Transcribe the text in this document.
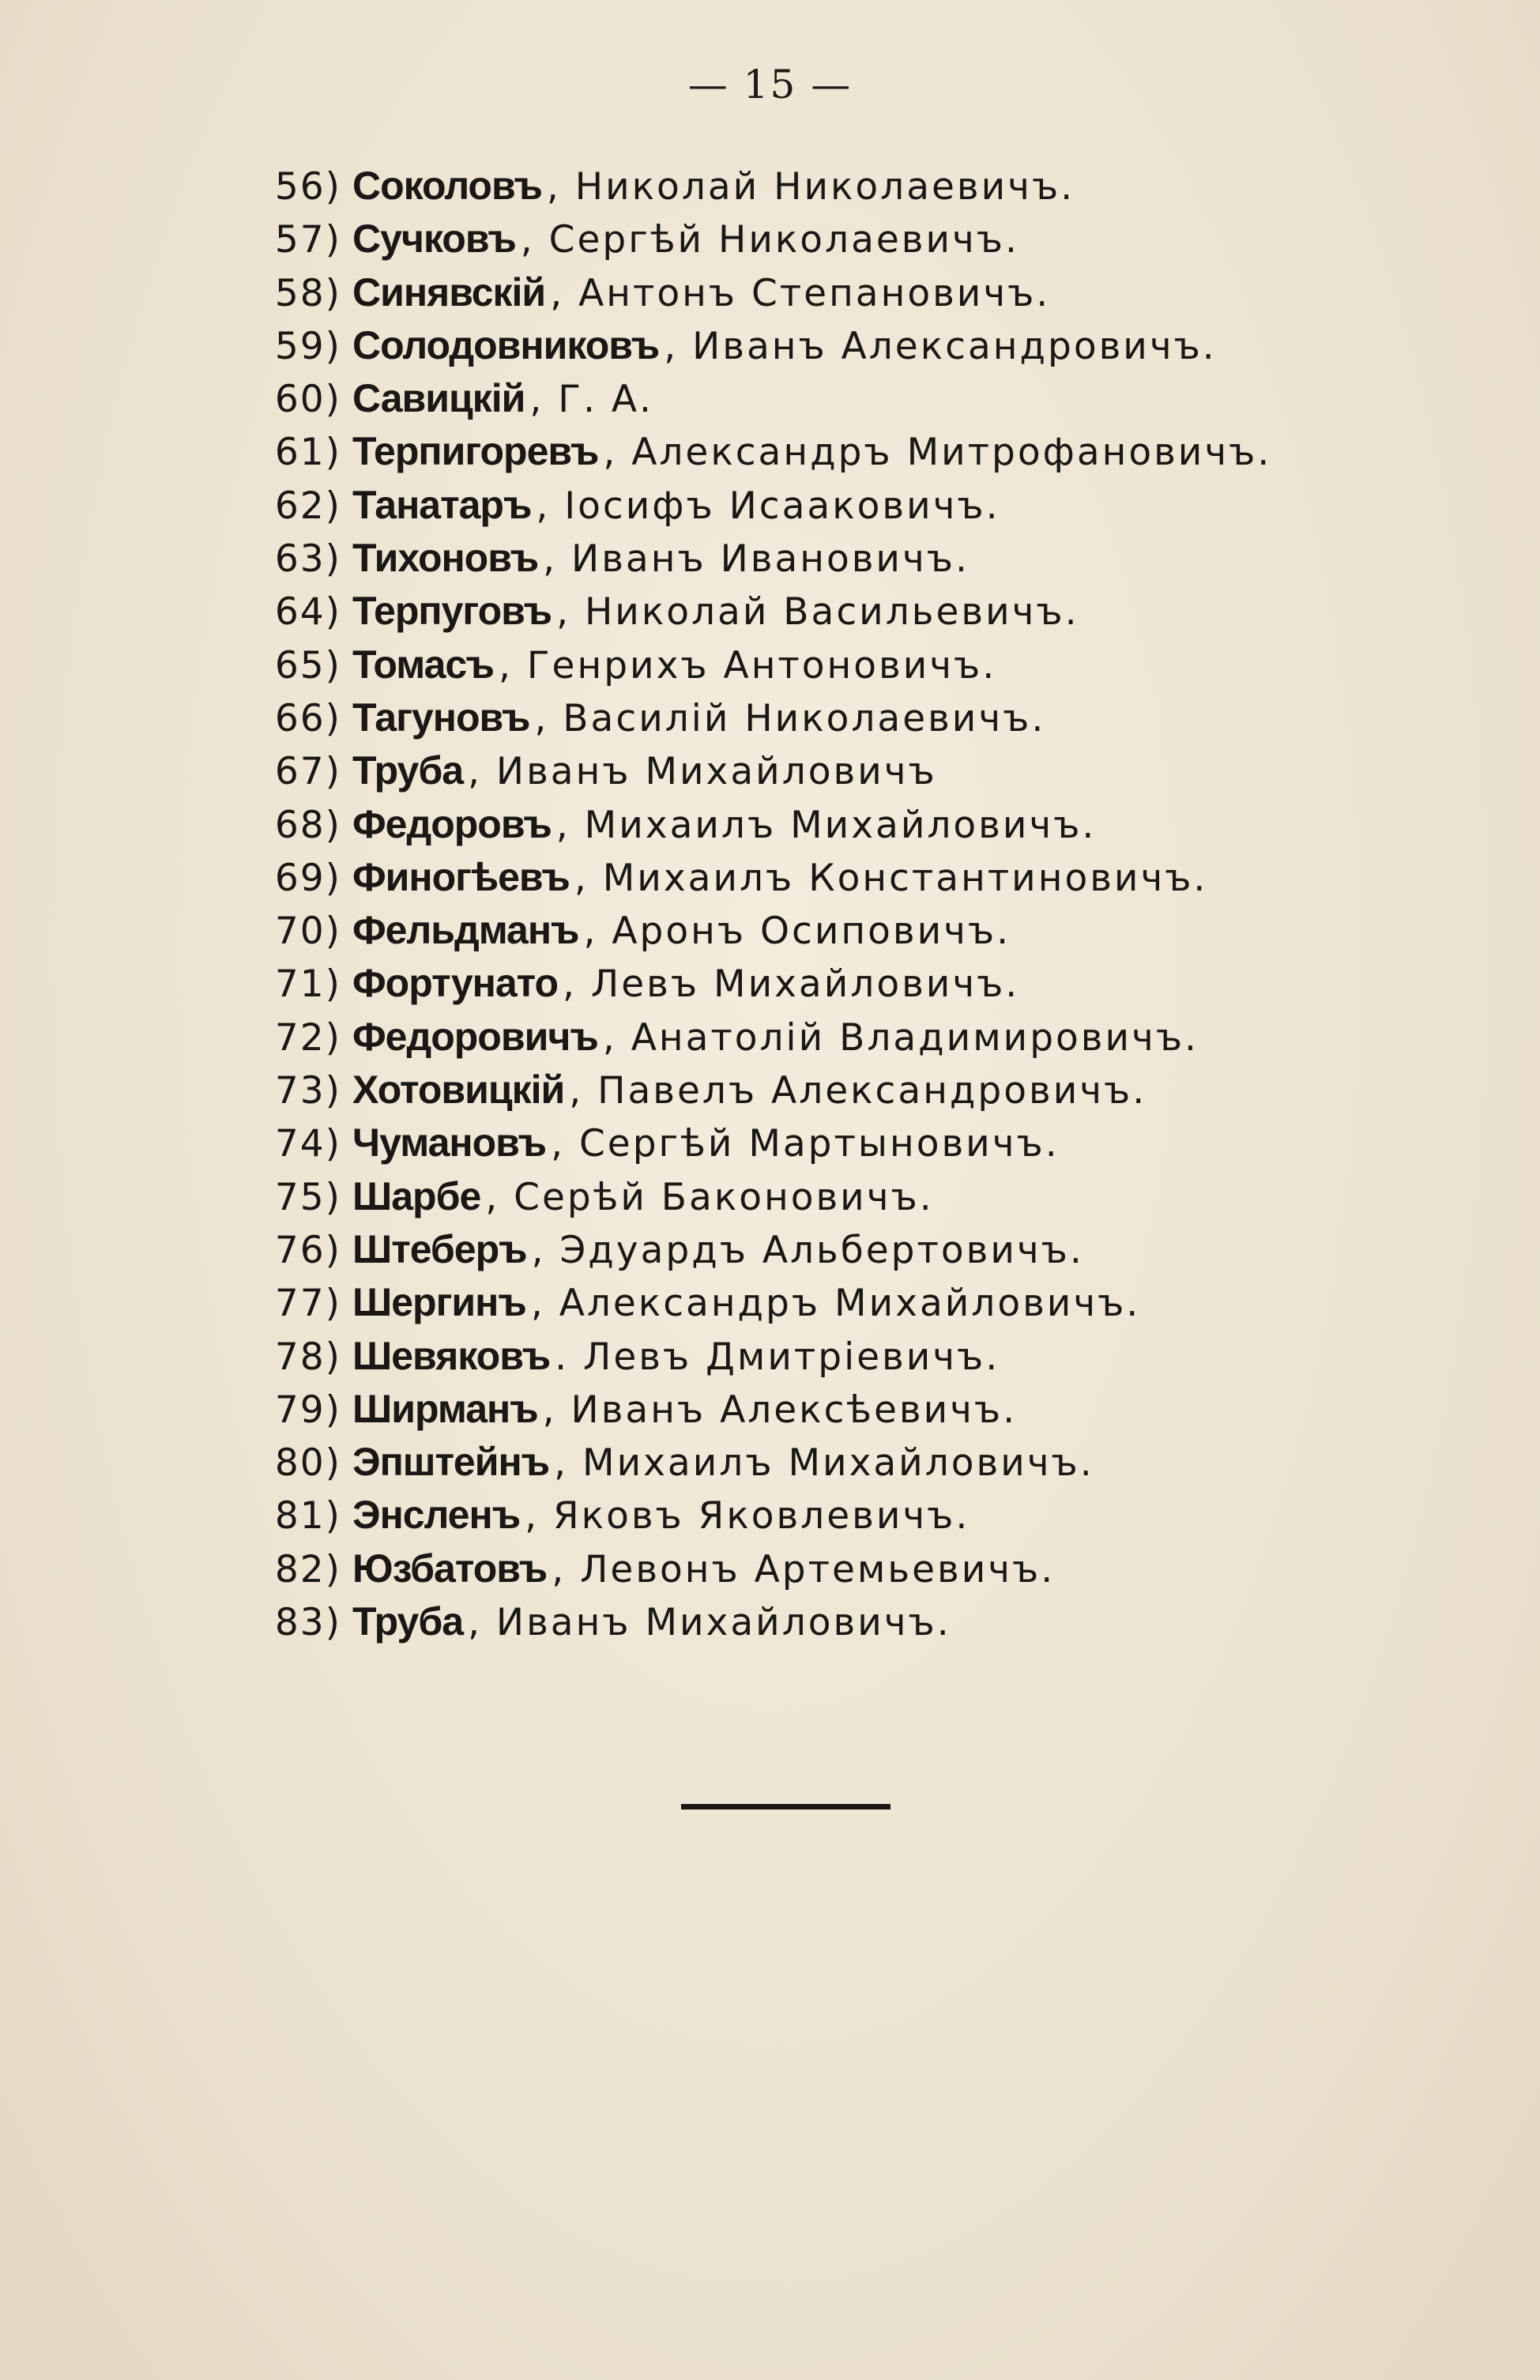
— 15 —
56) Соколовъ , Николай Николаевичъ.
57) Сучковъ , Сергѣй Николаевичъ.
58) Синявскій , Антонъ Степановичъ.
59) Солодовниковъ , Иванъ Александровичъ.
60) Савицкій , Г. А.
61) Терпигоревъ , Александръ Митрофановичъ.
62) Танатаръ , Іосифъ Исааковичъ.
63) Тихоновъ , Иванъ Ивановичъ.
64) Терпуговъ , Николай Васильевичъ.
65) Томасъ , Генрихъ Антоновичъ.
66) Тагуновъ , Василій Николаевичъ.
67) Труба , Иванъ Михайловичъ
68) Федоровъ , Михаилъ Михайловичъ.
69) Финогѣевъ , Михаилъ Константиновичъ.
70) Фельдманъ , Аронъ Осиповичъ.
71) Фортунато , Левъ Михайловичъ.
72) Федоровичъ , Анатолій Владимировичъ.
73) Хотовицкій , Павелъ Александровичъ.
74) Чумановъ , Сергѣй Мартыновичъ.
75) Шарбе , Серѣй Баконовичъ.
76) Штеберъ , Эдуардъ Альбертовичъ.
77) Шергинъ , Александръ Михайловичъ.
78) Шевяковъ . Левъ Дмитріевичъ.
79) Ширманъ , Иванъ Алексѣевичъ.
80) Эпштейнъ , Михаилъ Михайловичъ.
81) Энсленъ , Яковъ Яковлевичъ.
82) Юзбатовъ , Левонъ Артемьевичъ.
83) Труба , Иванъ Михайловичъ.
